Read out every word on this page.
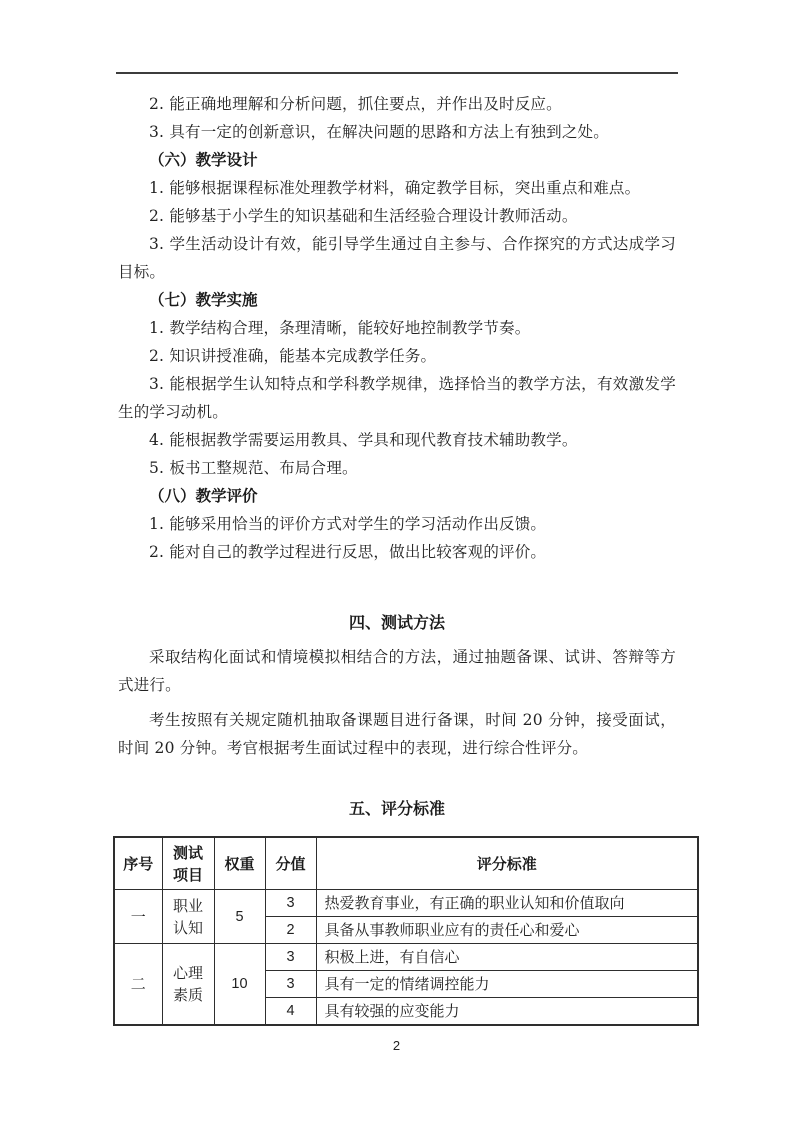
2. 能正确地理解和分析问题，抓住要点，并作出及时反应。

3. 具有一定的创新意识，在解决问题的思路和方法上有独到之处。

（六）教学设计

1. 能够根据课程标准处理教学材料，确定教学目标，突出重点和难点。

2. 能够基于小学生的知识基础和生活经验合理设计教师活动。

3. 学生活动设计有效，能引导学生通过自主参与、合作探究的方式达成学习目标。

（七）教学实施

1. 教学结构合理，条理清晰，能较好地控制教学节奏。

2. 知识讲授准确，能基本完成教学任务。

3. 能根据学生认知特点和学科教学规律，选择恰当的教学方法，有效激发学生的学习动机。

4. 能根据教学需要运用教具、学具和现代教育技术辅助教学。

5. 板书工整规范、布局合理。

（八）教学评价

1. 能够采用恰当的评价方式对学生的学习活动作出反馈。

2. 能对自己的教学过程进行反思，做出比较客观的评价。

四、测试方法

采取结构化面试和情境模拟相结合的方法，通过抽题备课、试讲、答辩等方式进行。

考生按照有关规定随机抽取备课题目进行备课，时间 20 分钟，接受面试，时间 20 分钟。考官根据考生面试过程中的表现，进行综合性评分。

五、评分标准
序号	测试项目	权重	分值	评分标准
一	职业认知	5	3	热爱教育事业，有正确的职业认知和价值取向
			2	具备从事教师职业应有的责任心和爱心
二	心理素质	10	3	积极上进，有自信心
			3	具有一定的情绪调控能力
			4	具有较强的应变能力
2
